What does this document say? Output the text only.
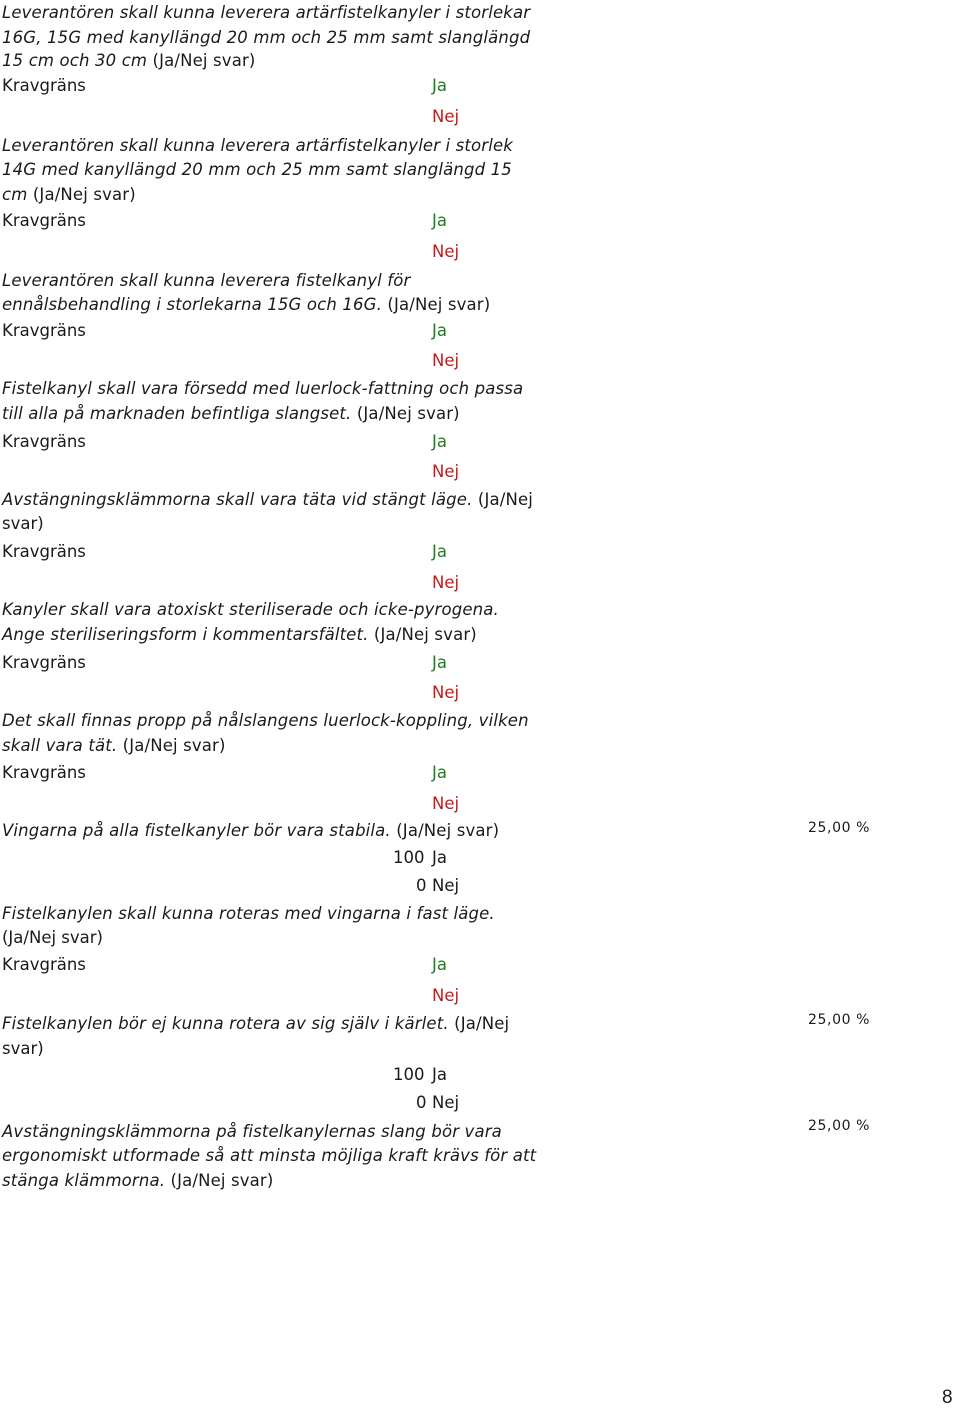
Leverantören skall kunna leverera artärfistelkanyler i storlekar
16G, 15G med kanyllängd 20 mm och 25 mm samt slanglängd
15 cm och 30 cm (Ja/Nej svar)
Kravgräns	Ja
Nej
Leverantören skall kunna leverera artärfistelkanyler i storlek
14G med kanyllängd 20 mm och 25 mm samt slanglängd 15
cm (Ja/Nej svar)
Kravgräns	Ja
Nej
Leverantören skall kunna leverera fistelkanyl för
ennålsbehandling i storlekarna 15G och 16G. (Ja/Nej svar)
Kravgräns	Ja
Nej
Fistelkanyl skall vara försedd med luerlock-fattning och passa
till alla på marknaden befintliga slangset. (Ja/Nej svar)
Kravgräns	Ja
Nej
Avstängningsklämmorna skall vara täta vid stängt läge. (Ja/Nej
svar)
Kravgräns	Ja
Nej
Kanyler skall vara atoxiskt steriliserade och icke-pyrogena.
Ange steriliseringsform i kommentarsfältet. (Ja/Nej svar)
Kravgräns	Ja
Nej
Det skall finnas propp på nålslangens luerlock-koppling, vilken
skall vara tät. (Ja/Nej svar)
Kravgräns	Ja
Nej
Vingarna på alla fistelkanyler bör vara stabila. (Ja/Nej svar)	25,00 %
100 Ja
0 Nej
Fistelkanylen skall kunna roteras med vingarna i fast läge.
(Ja/Nej svar)
Kravgräns	Ja
Nej
Fistelkanylen bör ej kunna rotera av sig själv i kärlet. (Ja/Nej	25,00 %
svar)
100 Ja
0 Nej
Avstängningsklämmorna på fistelkanylernas slang bör vara	25,00 %
ergonomiskt utformade så att minsta möjliga kraft krävs för att
stänga klämmorna. (Ja/Nej svar)
8
